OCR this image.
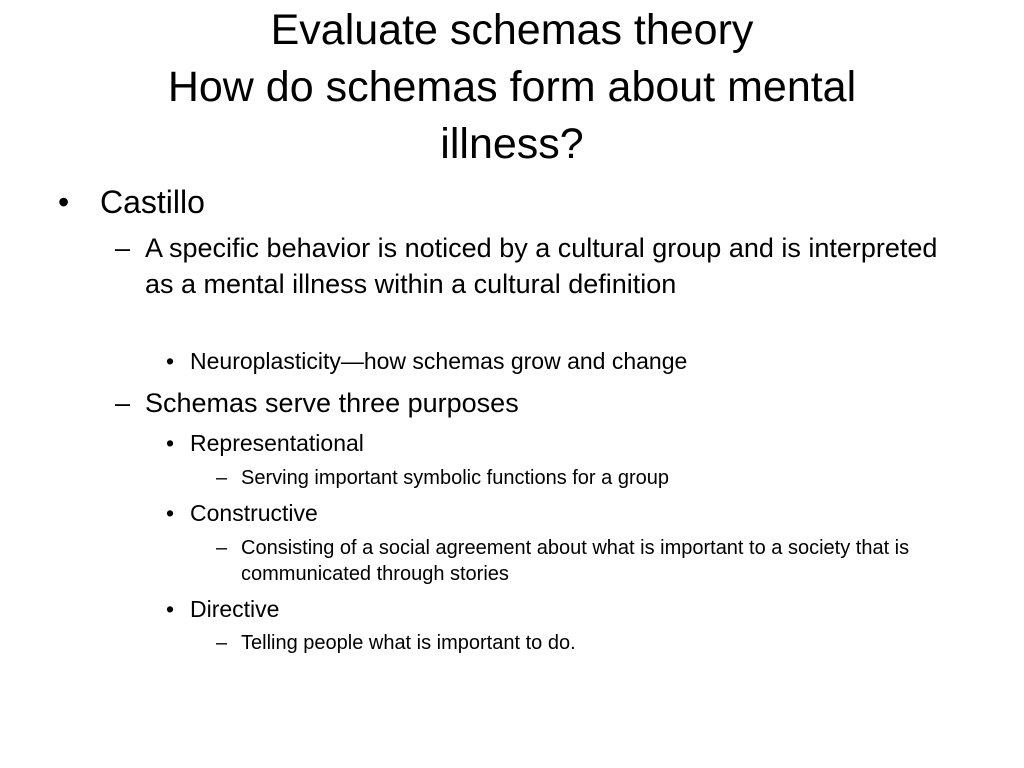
Evaluate schemas theory
How do schemas form about mental
illness?
• Castillo

– A specific behavior is noticed by a cultural group and is interpreted as a mental illness within a cultural definition

• Neuroplasticity—how schemas grow and change

– Schemas serve three purposes

• Representational

– Serving important symbolic functions for a group

• Constructive

– Consisting of a social agreement about what is important to a society that is communicated through stories

• Directive

– Telling people what is important to do.
